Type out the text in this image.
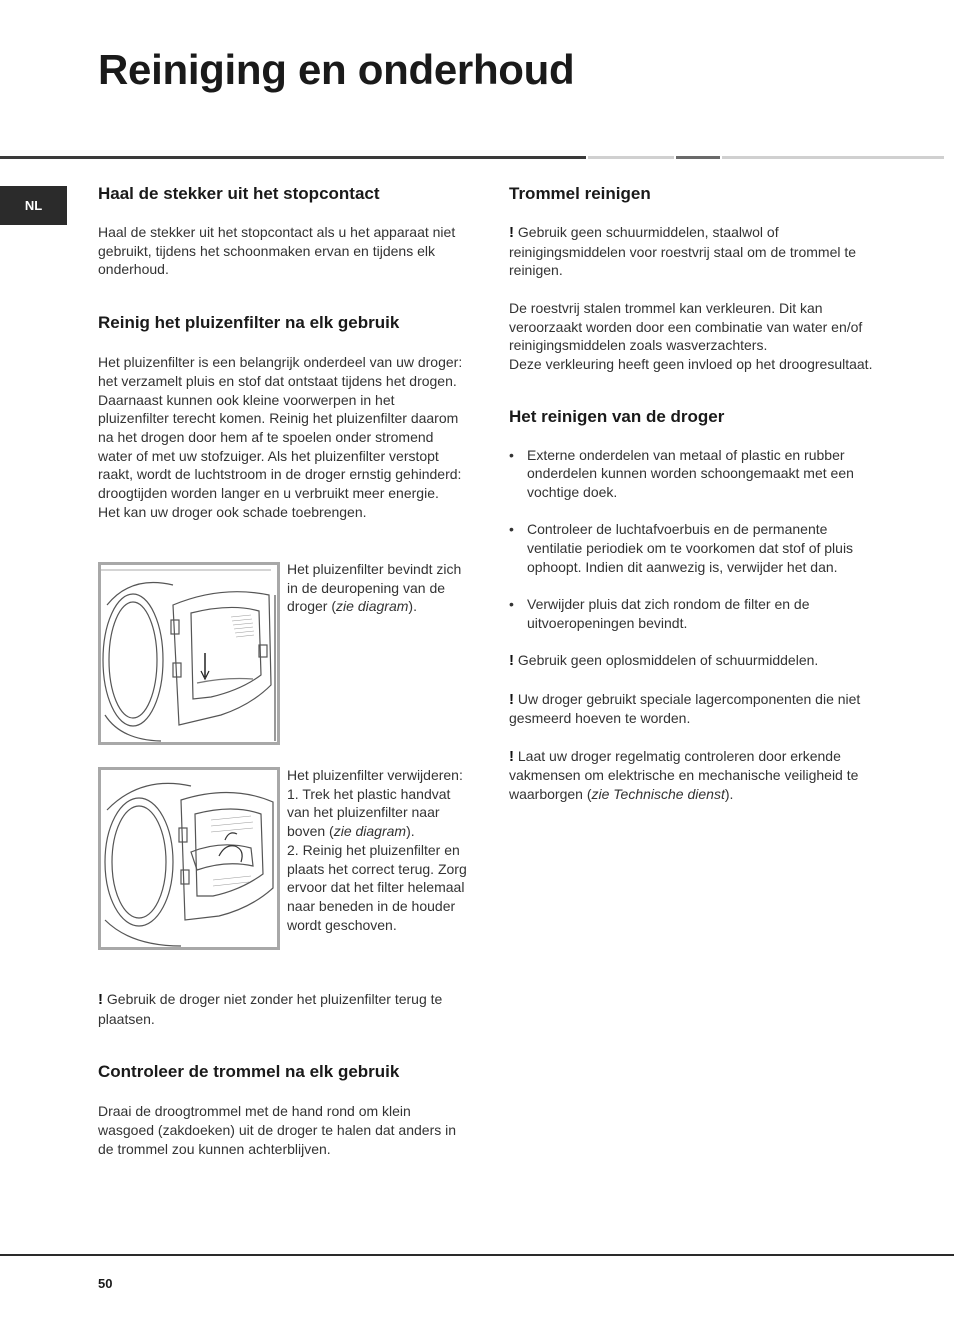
Reiniging en onderhoud
NL
Haal de stekker uit het stopcontact

Haal de stekker uit het stopcontact als u het apparaat niet gebruikt, tijdens het schoonmaken ervan en tijdens elk onderhoud.

Reinig het pluizenfilter na elk gebruik

Het pluizenfilter is een belangrijk onderdeel van uw droger: het verzamelt pluis en stof dat ontstaat tijdens het drogen. Daarnaast kunnen ook kleine voorwerpen in het pluizenfilter terecht komen. Reinig het pluizenfilter daarom na het drogen door hem af te spoelen onder stromend water of met uw stofzuiger. Als het pluizenfilter verstopt raakt, wordt de luchtstroom in de droger ernstig gehinderd: droogtijden worden langer en u verbruikt meer energie. Het kan uw droger ook schade toebrengen.

Het pluizenfilter bevindt zich in de deuropening van de droger (zie diagram).

Het pluizenfilter verwijderen:

1. Trek het plastic handvat van het pluizenfilter naar boven (zie diagram).

2. Reinig het pluizenfilter en plaats het correct terug. Zorg ervoor dat het filter helemaal naar beneden in de houder wordt geschoven.

! Gebruik de droger niet zonder het pluizenfilter terug te plaatsen.

Controleer de trommel na elk gebruik

Draai de droogtrommel met de hand rond om klein wasgoed (zakdoeken) uit de droger te halen dat anders in de trommel zou kunnen achterblijven.

Trommel reinigen

! Gebruik geen schuurmiddelen, staalwol of reinigingsmiddelen voor roestvrij staal om de trommel te reinigen.

De roestvrij stalen trommel kan verkleuren. Dit kan veroorzaakt worden door een combinatie van water en/of reinigingsmiddelen zoals wasverzachters.

Deze verkleuring heeft geen invloed op het droogresultaat.

Het reinigen van de droger
• Externe onderdelen van metaal of plastic en rubber onderdelen kunnen worden schoongemaakt met een vochtige doek.
• Controleer de luchtafvoerbuis en de permanente ventilatie periodiek om te voorkomen dat stof of pluis ophoopt. Indien dit aanwezig is, verwijder het dan.
• Verwijder pluis dat zich rondom de filter en de uitvoeropeningen bevindt.

! Gebruik geen oplosmiddelen of schuurmiddelen.

! Uw droger gebruikt speciale lagercomponenten die niet gesmeerd hoeven te worden.

! Laat uw droger regelmatig controleren door erkende vakmensen om elektrische en mechanische veiligheid te waarborgen (zie Technische dienst).

50
